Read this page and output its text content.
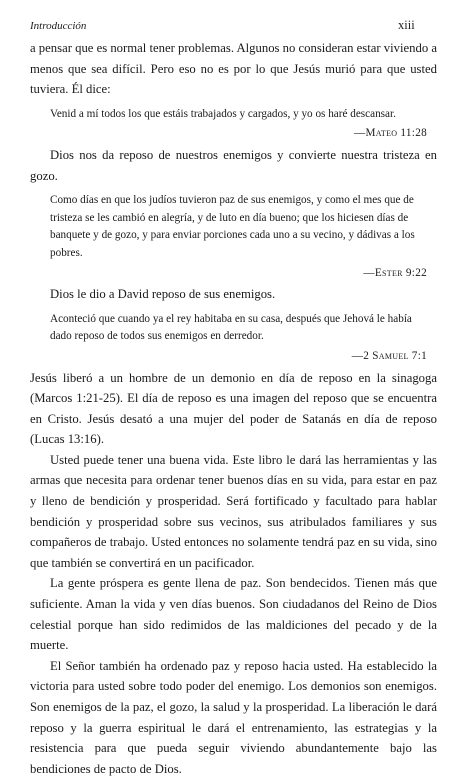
Introducción	xiii

a pensar que es normal tener problemas. Algunos no consideran estar viviendo a menos que sea difícil. Pero eso no es por lo que Jesús murió para que usted tuviera. Él dice:

Venid a mí todos los que estáis trabajados y cargados, y yo os haré descansar.

—Mateo 11:28

Dios nos da reposo de nuestros enemigos y convierte nuestra tristeza en gozo.

Como días en que los judíos tuvieron paz de sus enemigos, y como el mes que de tristeza se les cambió en alegría, y de luto en día bueno; que los hiciesen días de banquete y de gozo, y para enviar porciones cada uno a su vecino, y dádivas a los pobres.

—Ester 9:22

Dios le dio a David reposo de sus enemigos.

Aconteció que cuando ya el rey habitaba en su casa, después que Jehová le había dado reposo de todos sus enemigos en derredor.

—2 Samuel 7:1

Jesús liberó a un hombre de un demonio en día de reposo en la sinagoga (Marcos 1:21-25). El día de reposo es una imagen del reposo que se encuentra en Cristo. Jesús desató a una mujer del poder de Satanás en día de reposo (Lucas 13:16).

Usted puede tener una buena vida. Este libro le dará las herramientas y las armas que necesita para ordenar tener buenos días en su vida, para estar en paz y lleno de bendición y prosperidad. Será fortificado y facultado para hablar bendición y prosperidad sobre sus vecinos, sus atribulados familiares y sus compañeros de trabajo. Usted entonces no solamente tendrá paz en su vida, sino que también se convertirá en un pacificador.

La gente próspera es gente llena de paz. Son bendecidos. Tienen más que suficiente. Aman la vida y ven días buenos. Son ciudadanos del Reino de Dios celestial porque han sido redimidos de las maldiciones del pecado y de la muerte.

El Señor también ha ordenado paz y reposo hacia usted. Ha establecido la victoria para usted sobre todo poder del enemigo. Los demonios son enemigos. Son enemigos de la paz, el gozo, la salud y la prosperidad. La liberación le dará reposo y la guerra espiritual le dará el entrenamiento, las estrategias y la resistencia para que pueda seguir viviendo abundantemente bajo las bendiciones de pacto de Dios.
